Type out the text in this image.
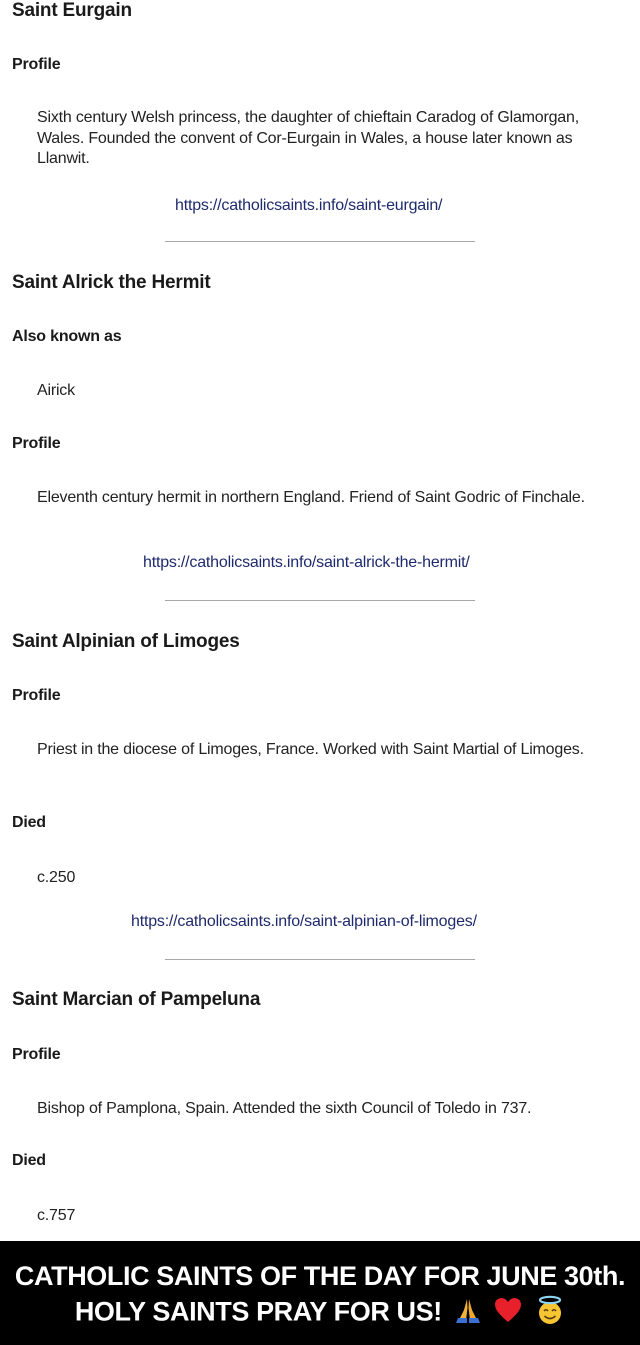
Saint Eurgain
Profile
Sixth century Welsh princess, the daughter of chieftain Caradog of Glamorgan, Wales. Founded the convent of Cor-Eurgain in Wales, a house later known as Llanwit.
https://catholicsaints.info/saint-eurgain/
Saint Alrick the Hermit
Also known as
Airick
Profile
Eleventh century hermit in northern England. Friend of Saint Godric of Finchale.
https://catholicsaints.info/saint-alrick-the-hermit/
Saint Alpinian of Limoges
Profile
Priest in the diocese of Limoges, France. Worked with Saint Martial of Limoges.
Died
c.250
https://catholicsaints.info/saint-alpinian-of-limoges/
Saint Marcian of Pampeluna
Profile
Bishop of Pamplona, Spain. Attended the sixth Council of Toledo in 737.
Died
c.757
CATHOLIC SAINTS OF THE DAY FOR JUNE 30th.
HOLY SAINTS PRAY FOR US!
